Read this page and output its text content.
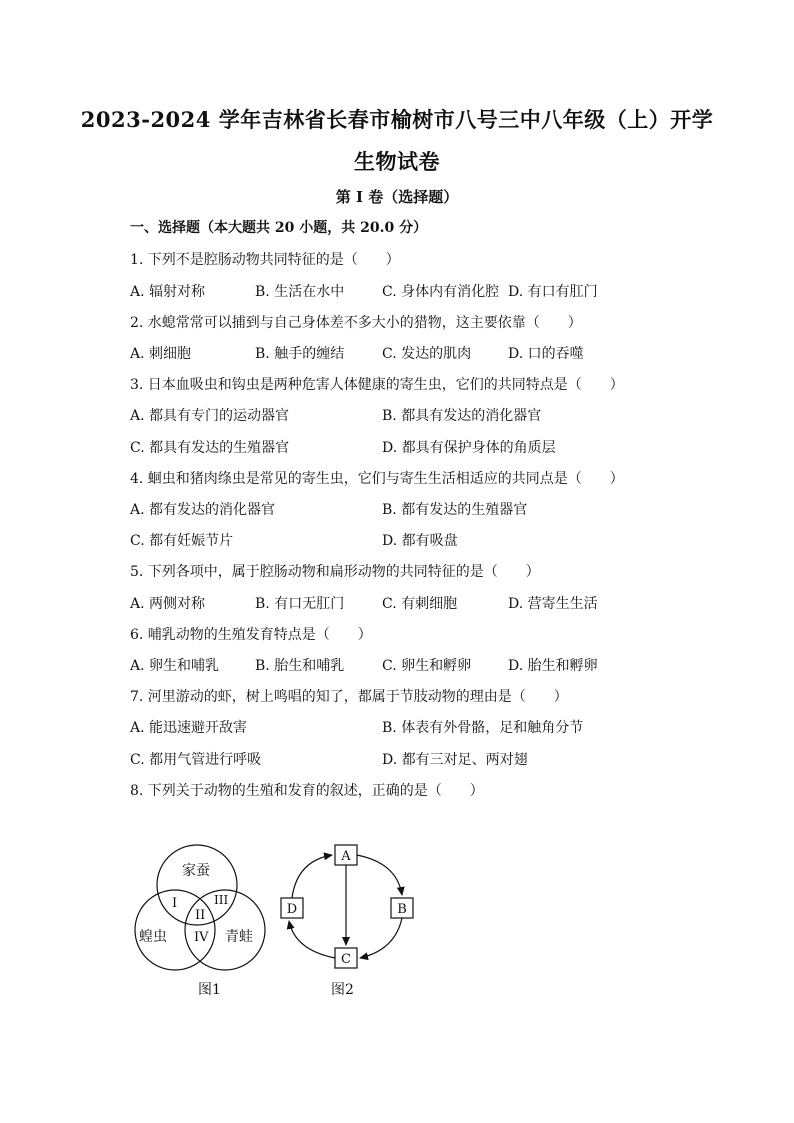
2023-2024 学年吉林省长春市榆树市八号三中八年级（上）开学
生物试卷
第 I 卷（选择题）
一、选择题（本大题共 20 小题，共 20.0 分）
1. 下列不是腔肠动物共同特征的是（　　）
A. 辐射对称	B. 生活在水中	C. 身体内有消化腔 D. 有口有肛门
2. 水螅常常可以捕到与自己身体差不多大小的猎物，这主要依靠（　　）
A. 刺细胞	B. 触手的缠结	C. 发达的肌肉	D. 口的吞噬
3. 日本血吸虫和钩虫是两种危害人体健康的寄生虫，它们的共同特点是（　　）
A. 都具有专门的运动器官	B. 都具有发达的消化器官
C. 都具有发达的生殖器官	D. 都具有保护身体的角质层
4. 蛔虫和猪肉绦虫是常见的寄生虫，它们与寄生生活相适应的共同点是（　　）
A. 都有发达的消化器官	B. 都有发达的生殖器官
C. 都有妊娠节片	D. 都有吸盘
5. 下列各项中，属于腔肠动物和扁形动物的共同特征的是（　　）
A. 两侧对称	B. 有口无肛门	C. 有刺细胞	D. 营寄生生活
6. 哺乳动物的生殖发育特点是（　　）
A. 卵生和哺乳	B. 胎生和哺乳	C. 卵生和孵卵	D. 胎生和孵卵
7. 河里游动的虾，树上鸣唱的知了，都属于节肢动物的理由是（　　）
A. 能迅速避开敌害	B. 体表有外骨骼，足和触角分节
C. 都用气管进行呼吸	D. 都有三对足、两对翅
8. 下列关于动物的生殖和发育的叙述，正确的是（　　）
家蚕
蝗虫	青蛙
I
II
III
IV
A
B
C
D
图1	图2
